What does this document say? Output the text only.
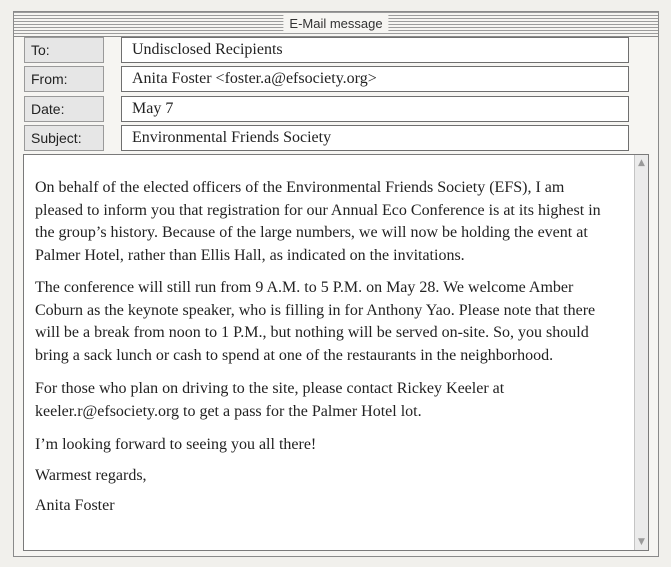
E-Mail message
To:	Undisclosed Recipients
From:	Anita Foster <foster.a@efsociety.org>
Date:	May 7
Subject:	Environmental Friends Society

On behalf of the elected officers of the Environmental Friends Society (EFS), I am pleased to inform you that registration for our Annual Eco Conference is at its highest in the group’s history. Because of the large numbers, we will now be holding the event at Palmer Hotel, rather than Ellis Hall, as indicated on the invitations.

The conference will still run from 9 A.M. to 5 P.M. on May 28. We welcome Amber Coburn as the keynote speaker, who is filling in for Anthony Yao. Please note that there will be a break from noon to 1 P.M., but nothing will be served on-site. So, you should bring a sack lunch or cash to spend at one of the restaurants in the neighborhood.

For those who plan on driving to the site, please contact Rickey Keeler at keeler.r@efsociety.org to get a pass for the Palmer Hotel lot.

I’m looking forward to seeing you all there!

Warmest regards,

Anita Foster

▲
▼
